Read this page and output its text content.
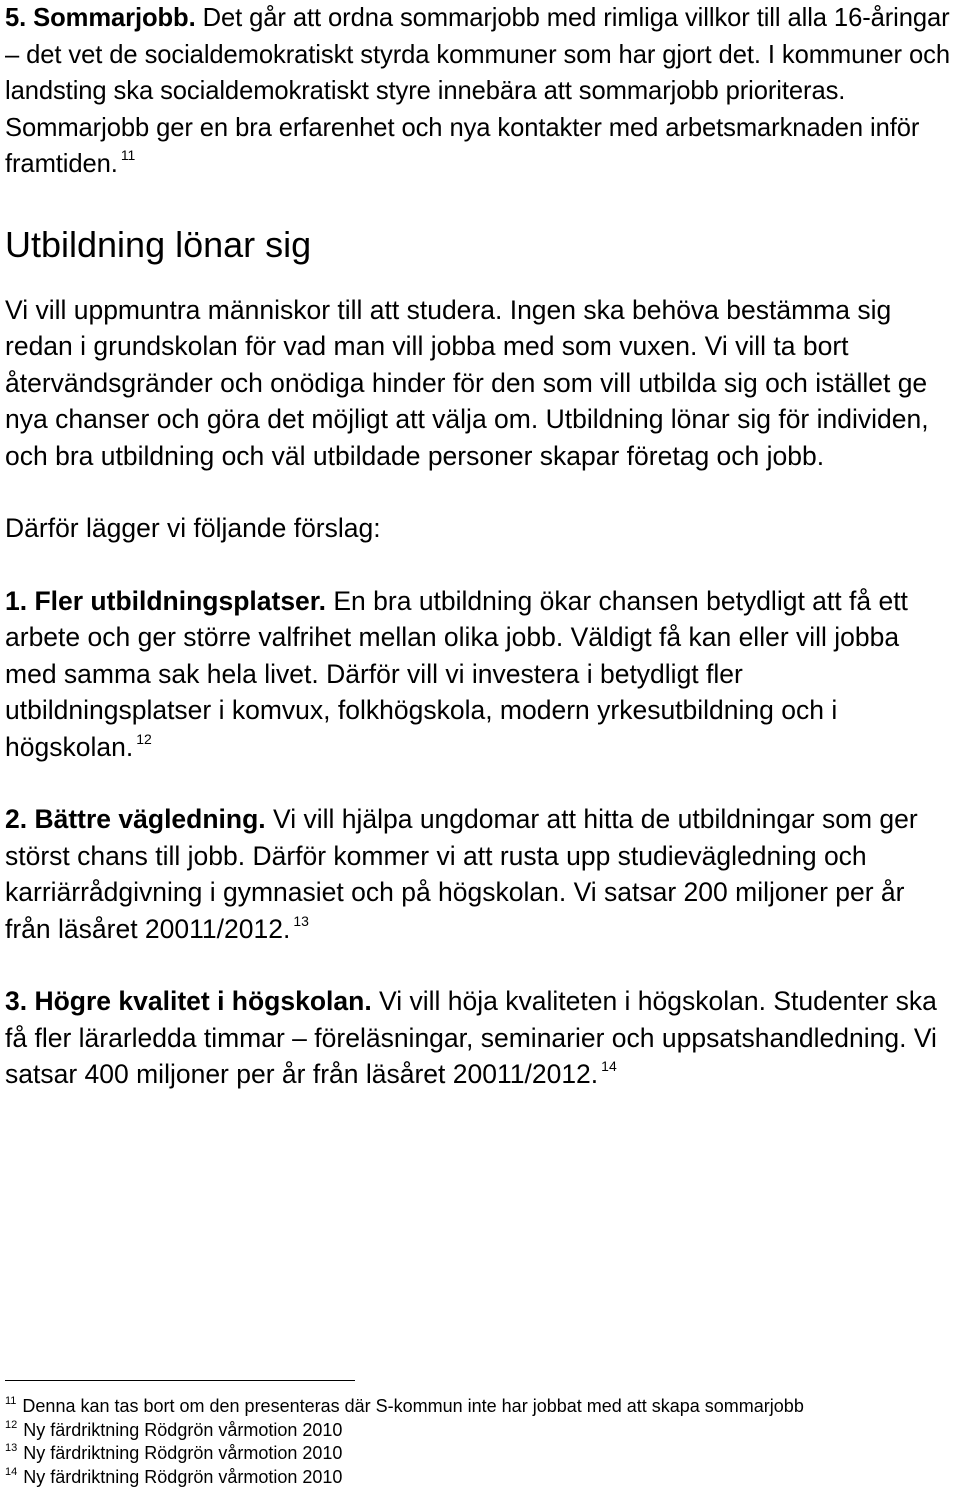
5. Sommarjobb. Det går att ordna sommarjobb med rimliga villkor till alla 16-åringar – det vet de socialdemokratiskt styrda kommuner som har gjort det. I kommuner och landsting ska socialdemokratiskt styre innebära att sommarjobb prioriteras. Sommarjobb ger en bra erfarenhet och nya kontakter med arbetsmarknaden inför framtiden. $^{11}$

Utbildning lönar sig

Vi vill uppmuntra människor till att studera. Ingen ska behöva bestämma sig redan i grundskolan för vad man vill jobba med som vuxen. Vi vill ta bort återvändsgränder och onödiga hinder för den som vill utbilda sig och istället ge nya chanser och göra det möjligt att välja om. Utbildning lönar sig för individen, och bra utbildning och väl utbildade personer skapar företag och jobb.

Därför lägger vi följande förslag:

1. Fler utbildningsplatser. En bra utbildning ökar chansen betydligt att få ett arbete och ger större valfrihet mellan olika jobb. Väldigt få kan eller vill jobba med samma sak hela livet. Därför vill vi investera i betydligt fler utbildningsplatser i komvux, folkhögskola, modern yrkesutbildning och i högskolan. $^{12}$

2. Bättre vägledning. Vi vill hjälpa ungdomar att hitta de utbildningar som ger störst chans till jobb. Därför kommer vi att rusta upp studievägledning och karriärrådgivning i gymnasiet och på högskolan. Vi satsar 200 miljoner per år från läsåret 20011/2012. $^{13}$

3. Högre kvalitet i högskolan. Vi vill höja kvaliteten i högskolan. Studenter ska få fler lärarledda timmar – föreläsningar, seminarier och uppsatshandledning. Vi satsar 400 miljoner per år från läsåret 20011/2012. $^{14}$

$^{11}$ Denna kan tas bort om den presenteras där S-kommun inte har jobbat med att skapa sommarjobb

$^{12}$ Ny färdriktning Rödgrön vårmotion 2010

$^{13}$ Ny färdriktning Rödgrön vårmotion 2010

$^{14}$ Ny färdriktning Rödgrön vårmotion 2010
